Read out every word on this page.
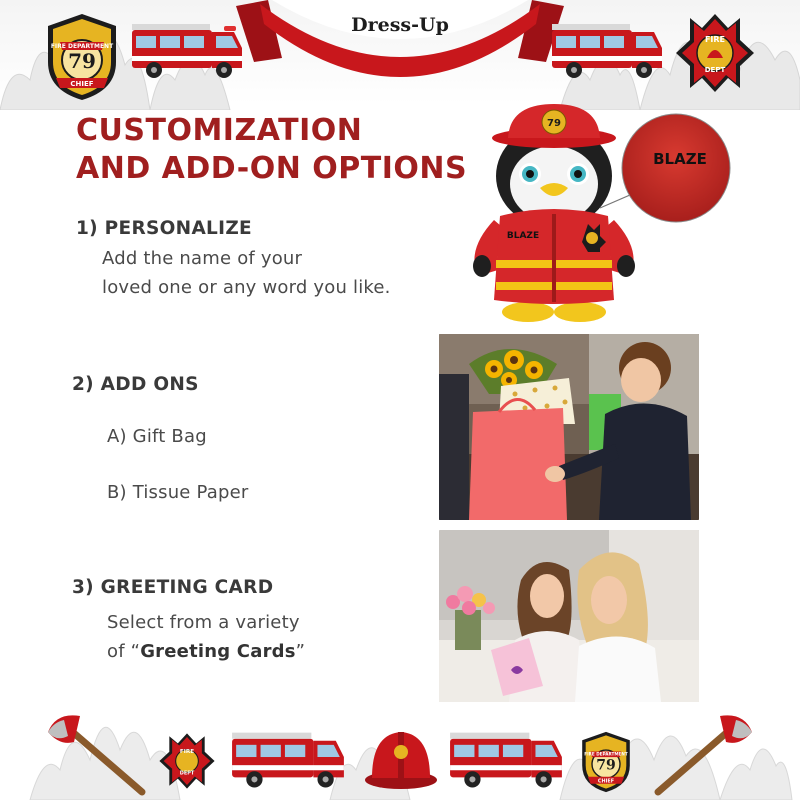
FIRE DEPARTMENT
79
CHIEF
Dress-Up
FIRE
DEPT
CUSTOMIZATION
AND ADD-ON OPTIONS
1) PERSONALIZE

Add the name of your
loved one or any word you like.

79
BLAZE
BLAZE
2) ADD ONS
A) Gift Bag
B) Tissue Paper
3) GREETING CARD

Select from a variety
of “Greeting Cards”

FIRE
DEPT
FIRE DEPARTMENT
79
CHIEF
